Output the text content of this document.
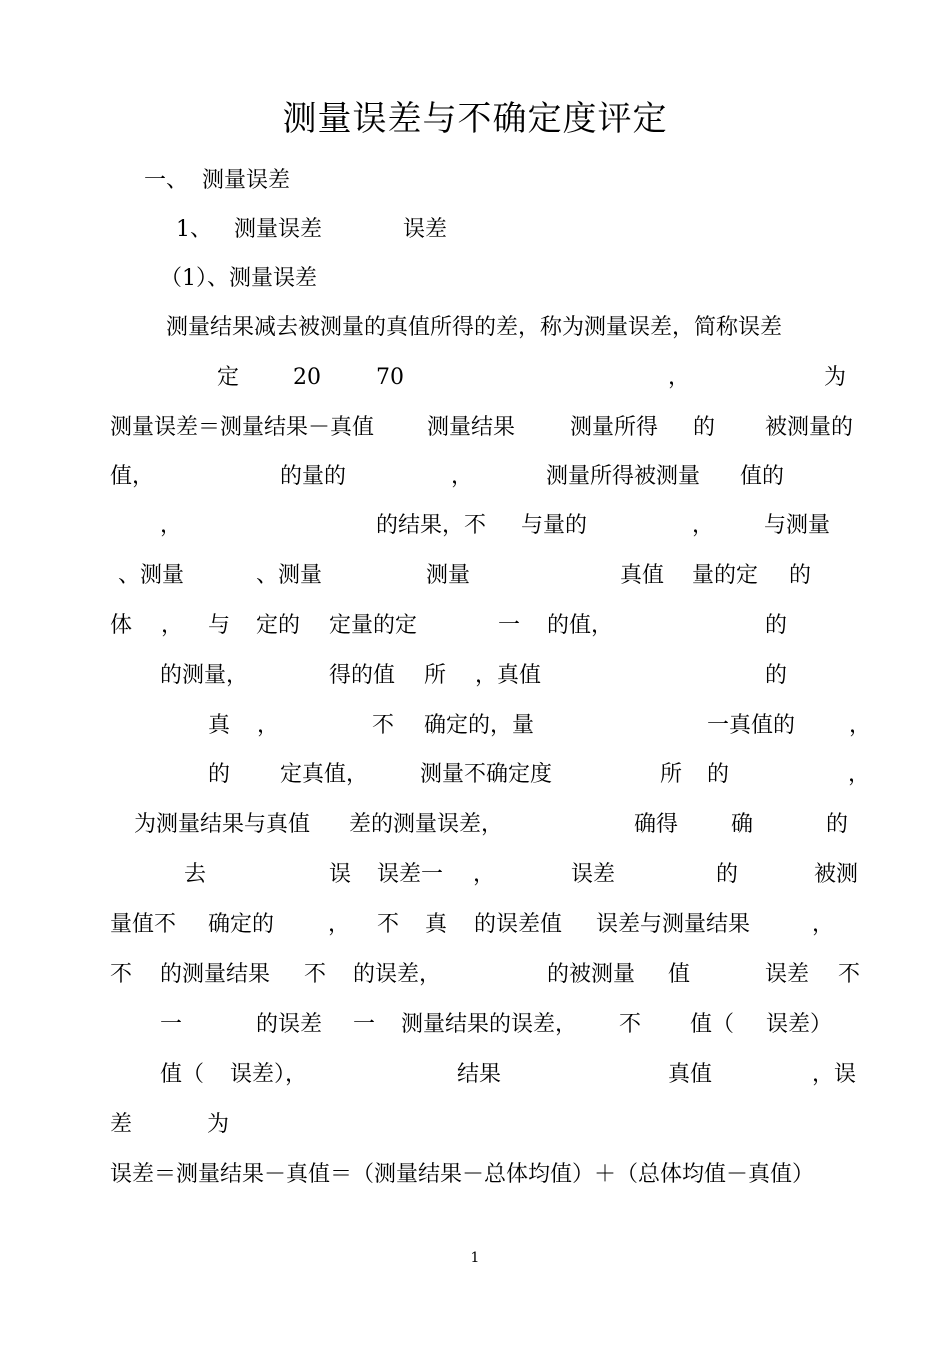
测量误差与不确定度评定
一、 测量误差
1、 测量误差	误差
（1）、测量误差
测量结果减去被测量的真值所得的差，称为测量误差，简称误差
定 20	70	，	为
测量误差＝测量结果－真值 测量结果 测量所得 的 被测量的
值，	的量的	，	测量所得被测量 值的
，	的结果，不 与量的	， 与测量
、测量	、测量	测量	真值 量的定 的
体 ， 与 定的 定量的定	一 的值，	的
的测量，	得的值 所 ，真值	的
真 ，	不 确定的，量	一真值的 ，
的 定真值， 测量不确定度	所 的	，
为测量结果与真值 差的测量误差，	确得 确	的
去	误 误差一 ，	误差	的	被测
量值不 确定的 ， 不 真 的误差值 误差与测量结果	，
不 的测量结果 不 的误差，	的被测量 值	误差 不
一	的误差 一 测量结果的误差， 不 值（ 误差）
值（ 误差），	结果	真值	，误
差	为
误差＝测量结果－真值＝（测量结果－总体均值）＋（总体均值－真值）
1
